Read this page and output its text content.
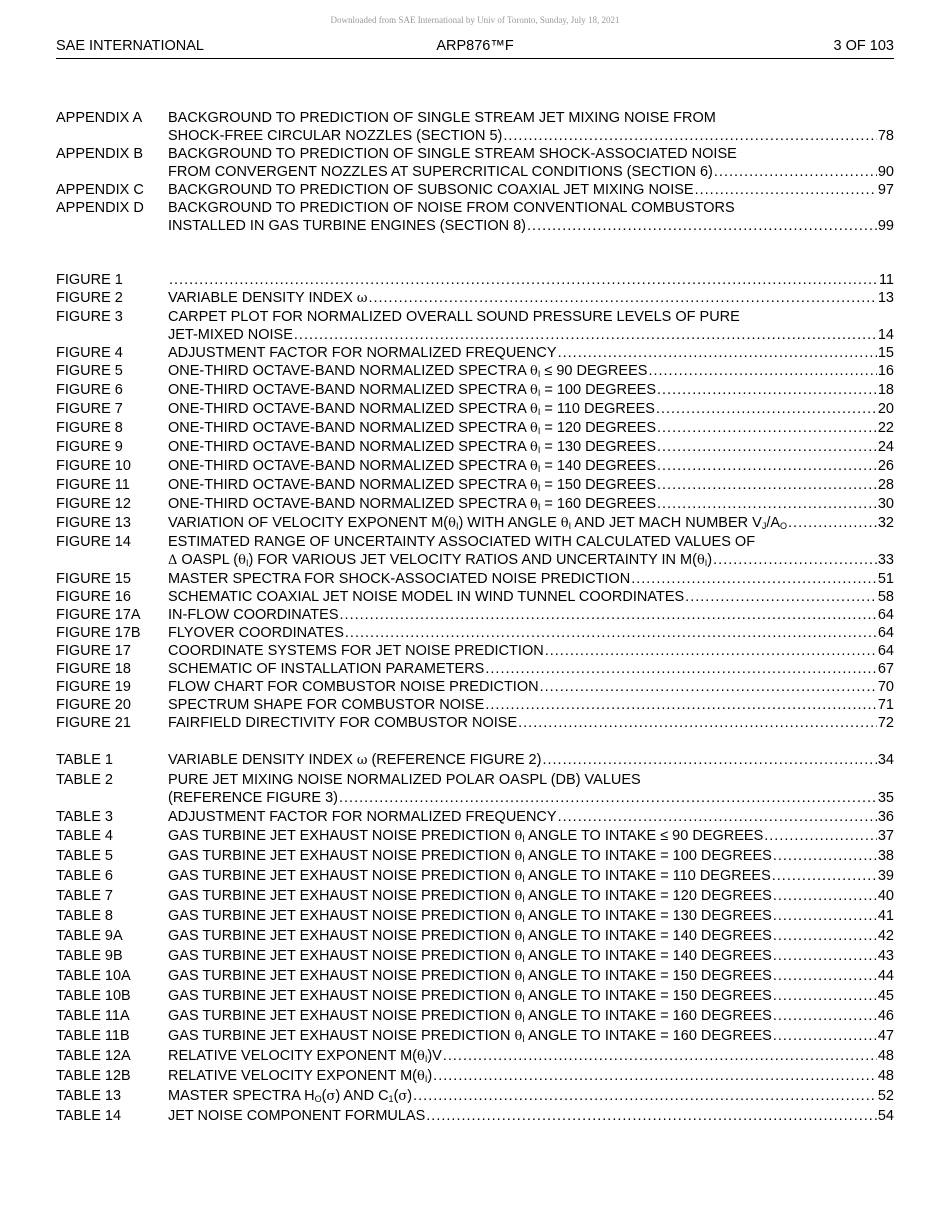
Downloaded from SAE International by Univ of Toronto, Sunday, July 18, 2021
ARP876™F
SAE INTERNATIONAL	3 OF 103
APPENDIX A	BACKGROUND TO PREDICTION OF SINGLE STREAM JET MIXING NOISE FROM
SHOCK-FREE CIRCULAR NOZZLES (SECTION 5) .....	78
APPENDIX B	BACKGROUND TO PREDICTION OF SINGLE STREAM SHOCK-ASSOCIATED NOISE
FROM CONVERGENT NOZZLES AT SUPERCRITICAL CONDITIONS (SECTION 6) .....	90
APPENDIX C	BACKGROUND TO PREDICTION OF SUBSONIC COAXIAL JET MIXING NOISE .....	97
APPENDIX D	BACKGROUND TO PREDICTION OF NOISE FROM CONVENTIONAL COMBUSTORS
INSTALLED IN GAS TURBINE ENGINES (SECTION 8) .....	99
FIGURE 1 .....	11
FIGURE 2	VARIABLE DENSITY INDEX ω .....	13
FIGURE 3	CARPET PLOT FOR NORMALIZED OVERALL SOUND PRESSURE LEVELS OF PURE
JET-MIXED NOISE .....	14
FIGURE 4	ADJUSTMENT FACTOR FOR NORMALIZED FREQUENCY .....	15
FIGURE 5	ONE-THIRD OCTAVE-BAND NORMALIZED SPECTRA $\theta_I \le 90$ DEGREES .....	16
FIGURE 6	ONE-THIRD OCTAVE-BAND NORMALIZED SPECTRA $\theta_I = 100$ DEGREES .....	18
FIGURE 7	ONE-THIRD OCTAVE-BAND NORMALIZED SPECTRA $\theta_I = 110$ DEGREES .....	20
FIGURE 8	ONE-THIRD OCTAVE-BAND NORMALIZED SPECTRA $\theta_I = 120$ DEGREES .....	22
FIGURE 9	ONE-THIRD OCTAVE-BAND NORMALIZED SPECTRA $\theta_I = 130$ DEGREES .....	24
FIGURE 10	ONE-THIRD OCTAVE-BAND NORMALIZED SPECTRA $\theta_I = 140$ DEGREES .....	26
FIGURE 11	ONE-THIRD OCTAVE-BAND NORMALIZED SPECTRA $\theta_I = 150$ DEGREES .....	28
FIGURE 12	ONE-THIRD OCTAVE-BAND NORMALIZED SPECTRA $\theta_I = 160$ DEGREES .....	30
FIGURE 13	VARIATION OF VELOCITY EXPONENT $M(\theta_I)$ WITH ANGLE $\theta_I$ AND JET MACH NUMBER $V_J/A_O$ .....	32
FIGURE 14	ESTIMATED RANGE OF UNCERTAINTY ASSOCIATED WITH CALCULATED VALUES OF
Δ OASPL $(\theta_I)$ FOR VARIOUS JET VELOCITY RATIOS AND UNCERTAINTY IN $M(\theta_I)$ .....	33
FIGURE 15	MASTER SPECTRA FOR SHOCK-ASSOCIATED NOISE PREDICTION .....	51
FIGURE 16	SCHEMATIC COAXIAL JET NOISE MODEL IN WIND TUNNEL COORDINATES .....	58
FIGURE 17A	IN-FLOW COORDINATES .....	64
FIGURE 17B	FLYOVER COORDINATES .....	64
FIGURE 17	COORDINATE SYSTEMS FOR JET NOISE PREDICTION .....	64
FIGURE 18	SCHEMATIC OF INSTALLATION PARAMETERS .....	67
FIGURE 19	FLOW CHART FOR COMBUSTOR NOISE PREDICTION .....	70
FIGURE 20	SPECTRUM SHAPE FOR COMBUSTOR NOISE .....	71
FIGURE 21	FAIRFIELD DIRECTIVITY FOR COMBUSTOR NOISE .....	72
TABLE 1	VARIABLE DENSITY INDEX ω (REFERENCE FIGURE 2) .....	34
TABLE 2	PURE JET MIXING NOISE NORMALIZED POLAR OASPL (DB) VALUES
(REFERENCE FIGURE 3) .....	35
TABLE 3	ADJUSTMENT FACTOR FOR NORMALIZED FREQUENCY .....	36
TABLE 4	GAS TURBINE JET EXHAUST NOISE PREDICTION $\theta_I$ ANGLE TO INTAKE ≤ 90 DEGREES .....	37
TABLE 5	GAS TURBINE JET EXHAUST NOISE PREDICTION $\theta_I$ ANGLE TO INTAKE = 100 DEGREES .....	38
TABLE 6	GAS TURBINE JET EXHAUST NOISE PREDICTION $\theta_I$ ANGLE TO INTAKE = 110 DEGREES .....	39
TABLE 7	GAS TURBINE JET EXHAUST NOISE PREDICTION $\theta_I$ ANGLE TO INTAKE = 120 DEGREES .....	40
TABLE 8	GAS TURBINE JET EXHAUST NOISE PREDICTION $\theta_I$ ANGLE TO INTAKE = 130 DEGREES .....	41
TABLE 9A	GAS TURBINE JET EXHAUST NOISE PREDICTION $\theta_I$ ANGLE TO INTAKE = 140 DEGREES .....	42
TABLE 9B	GAS TURBINE JET EXHAUST NOISE PREDICTION $\theta_I$ ANGLE TO INTAKE = 140 DEGREES .....	43
TABLE 10A	GAS TURBINE JET EXHAUST NOISE PREDICTION $\theta_I$ ANGLE TO INTAKE = 150 DEGREES .....	44
TABLE 10B	GAS TURBINE JET EXHAUST NOISE PREDICTION $\theta_I$ ANGLE TO INTAKE = 150 DEGREES .....	45
TABLE 11A	GAS TURBINE JET EXHAUST NOISE PREDICTION $\theta_I$ ANGLE TO INTAKE = 160 DEGREES .....	46
TABLE 11B	GAS TURBINE JET EXHAUST NOISE PREDICTION $\theta_I$ ANGLE TO INTAKE = 160 DEGREES .....	47
TABLE 12A	RELATIVE VELOCITY EXPONENT $M(\theta_I)V$ .....	48
TABLE 12B	RELATIVE VELOCITY EXPONENT $M(\theta_I)$ .....	48
TABLE 13	MASTER SPECTRA $H_O(\sigma)$ AND $C_1(\sigma)$ .....	52
TABLE 14	JET NOISE COMPONENT FORMULAS .....	54
